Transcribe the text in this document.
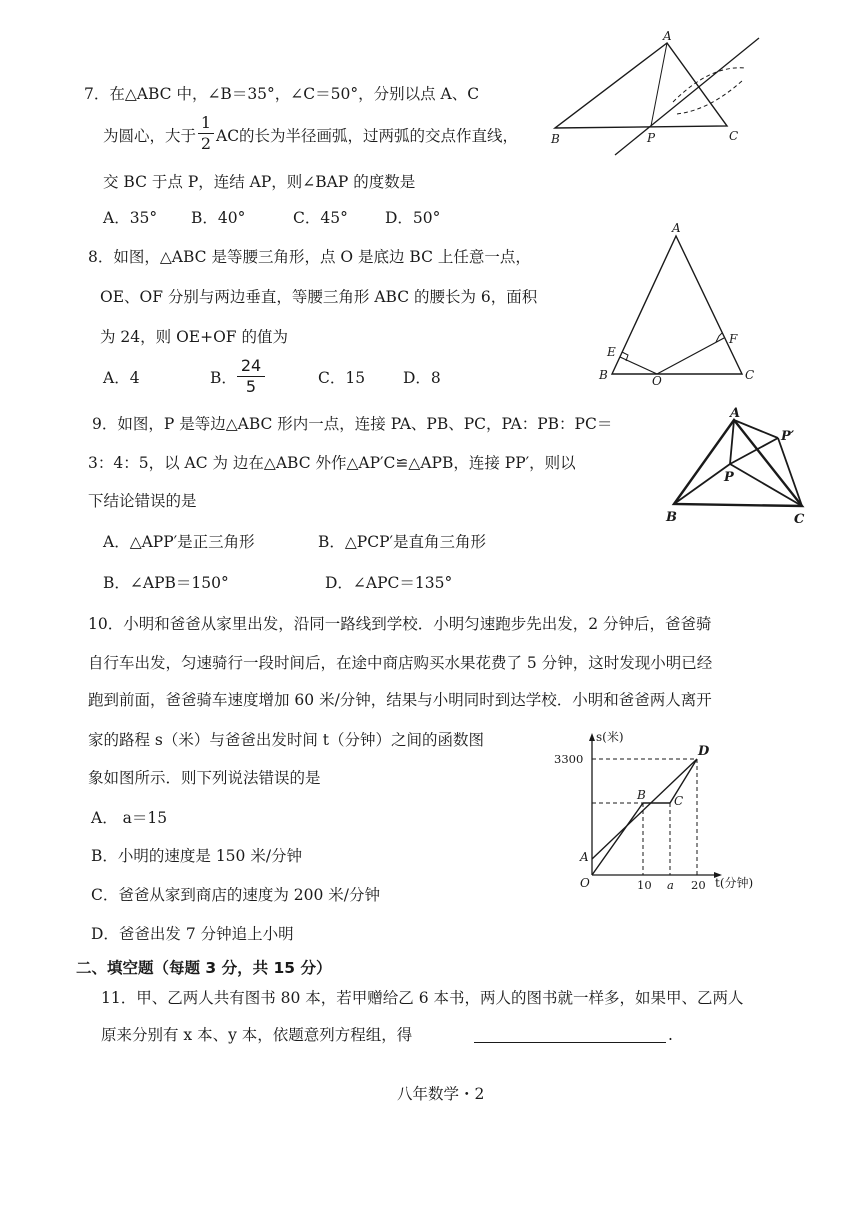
7．在△ABC 中，∠B＝35°，∠C＝50°，分别以点 A、C
为圆心，大于
1
2 AC的长为半径画弧，过两弧的交点作直线，
交 BC 于点 P，连结 AP，则∠BAP 的度数是
A．35° B．40°	C．45° D．50°
A
B	P	C
8．如图，△ABC 是等腰三角形，点 O 是底边 BC 上任意一点，
OE、OF 分别与两边垂直，等腰三角形 ABC 的腰长为 6，面积
为 24，则 OE+OF 的值为
A．4	B．
24
5	C．15 D．8
A
E
F
B	O	C
9．如图，P 是等边△ABC 形内一点，连接 PA、PB、PC，PA：PB：PC＝
3：4：5，以 AC 为 边在△ABC 外作△AP′C≌△APB，连接 PP′，则以
下结论错误的是
A．△APP′是正三角形	B．△PCP′是直角三角形
B．∠APB＝150°	D．∠APC＝135°
A
P′
P
B	C
10．小明和爸爸从家里出发，沿同一路线到学校．小明匀速跑步先出发，2 分钟后，爸爸骑
自行车出发，匀速骑行一段时间后，在途中商店购买水果花费了 5 分钟，这时发现小明已经
跑到前面，爸爸骑车速度增加 60 米/分钟，结果与小明同时到达学校．小明和爸爸两人离开
家的路程 s（米）与爸爸出发时间 t（分钟）之间的函数图
象如图所示．则下列说法错误的是
A． a＝15
B．小明的速度是 150 米/分钟
C．爸爸从家到商店的速度为 200 米/分钟
D．爸爸出发 7 分钟追上小明
s(米)
t(分钟)
3300
10 a 20
O
A
B C
D
二、填空题（每题 3 分，共 15 分）
11．甲、乙两人共有图书 80 本，若甲赠给乙 6 本书，两人的图书就一样多，如果甲、乙两人
原来分别有 x 本、y 本，依题意列方程组，得	.
八年数学・2
